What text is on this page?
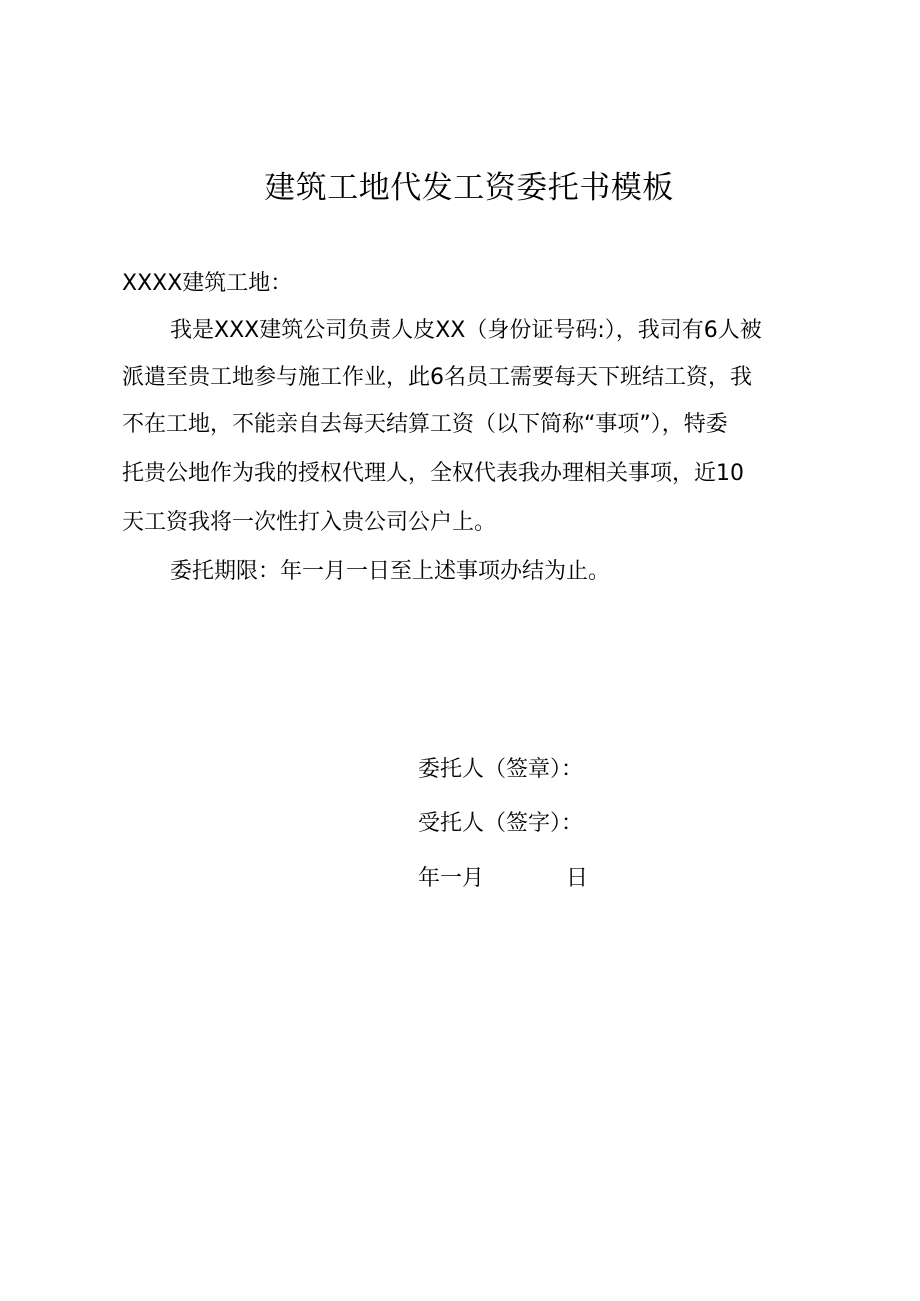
建筑工地代发工资委托书模板
XXXX建筑工地：
我是XXX建筑公司负责人皮XX（身份证号码:），我司有6人被
派遣至贵工地参与施工作业，此6名员工需要每天下班结工资，我
不在工地，不能亲自去每天结算工资（以下简称“事项”），特委
托贵公地作为我的授权代理人，全权代表我办理相关事项，近10
天工资我将一次性打入贵公司公户上。
委托期限：年一月一日至上述事项办结为止。
委托人（签章）：
受托人（签字）：
年一月	日
